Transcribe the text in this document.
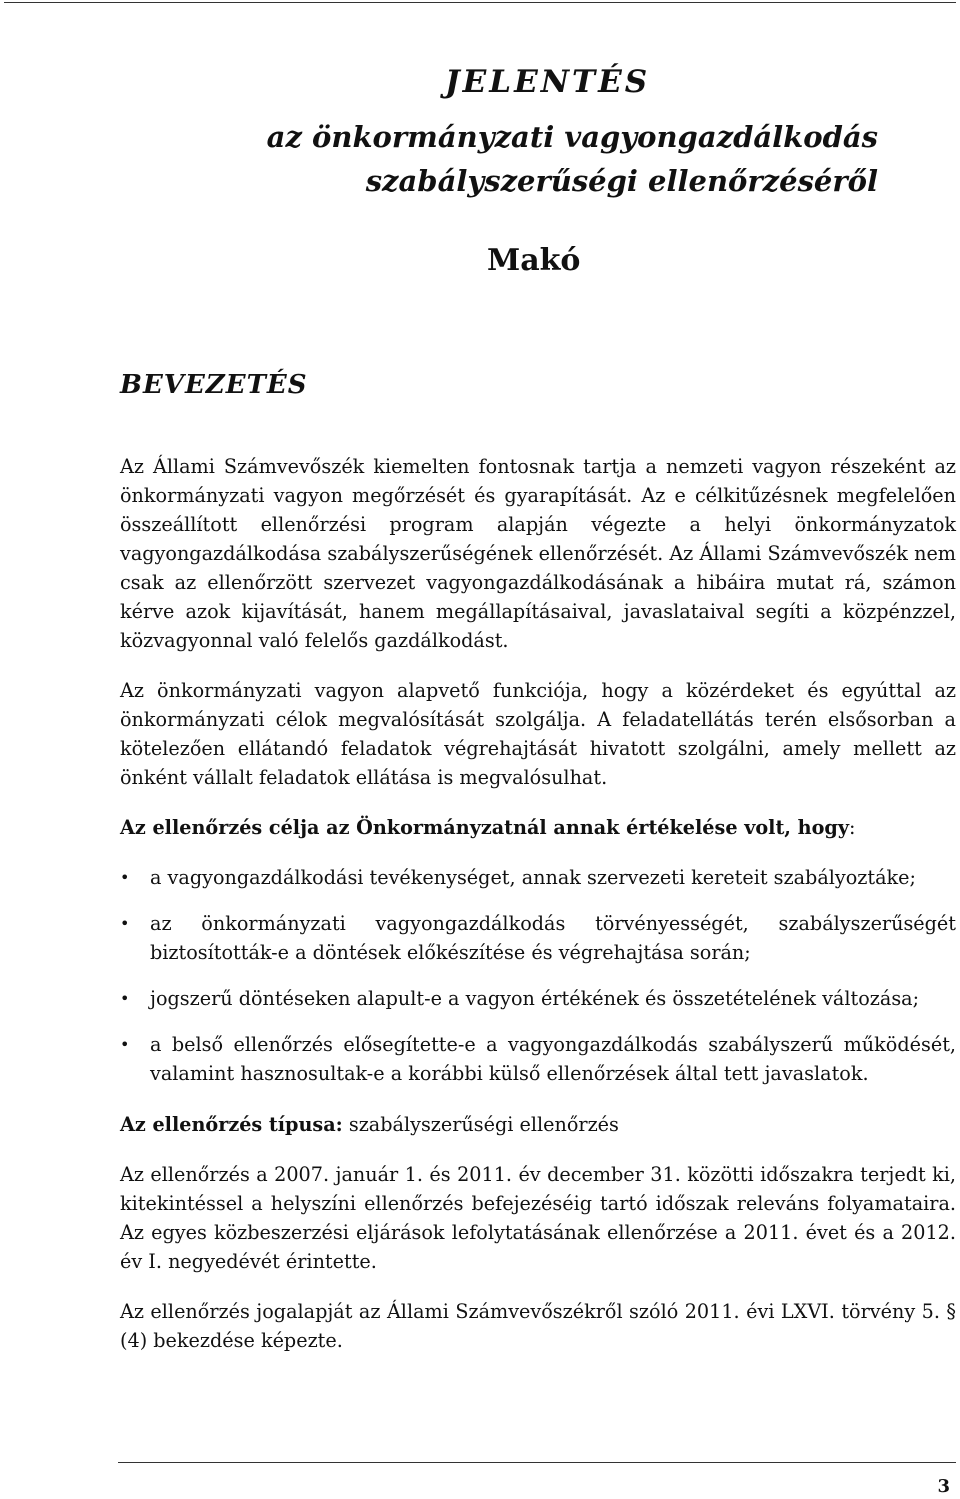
JELENTÉS
az önkormányzati vagyongazdálkodás
szabályszerűségi ellenőrzéséről
Makó
BEVEZETÉS

Az Állami Számvevőszék kiemelten fontosnak tartja a nemzeti vagyon részeként az önkormányzati vagyon megőrzését és gyarapítását. Az e célkitűzésnek megfelelően összeállított ellenőrzési program alapján végezte a helyi önkormányzatok vagyongazdálkodása szabályszerűségének ellenőrzését. Az Állami Számvevőszék nem csak az ellenőrzött szervezet vagyongazdálkodásának a hibáira mutat rá, számon kérve azok kijavítását, hanem megállapításaival, javaslataival segíti a közpénzzel, közvagyonnal való felelős gazdálkodást.

Az önkormányzati vagyon alapvető funkciója, hogy a közérdeket és egyúttal az önkormányzati célok megvalósítását szolgálja. A feladatellátás terén elsősorban a kötelezően ellátandó feladatok végrehajtását hivatott szolgálni, amely mellett az önként vállalt feladatok ellátása is megvalósulhat.

Az ellenőrzés célja az Önkormányzatnál annak értékelése volt, hogy:

• a vagyongazdálkodási tevékenységet, annak szervezeti kereteit szabályoztáke;
• az önkormányzati vagyongazdálkodás törvényességét, szabályszerűségét biztosították-e a döntések előkészítése és végrehajtása során;
• jogszerű döntéseken alapult-e a vagyon értékének és összetételének változása;
• a belső ellenőrzés elősegítette-e a vagyongazdálkodás szabályszerű működését, valamint hasznosultak-e a korábbi külső ellenőrzések által tett javaslatok.

Az ellenőrzés típusa: szabályszerűségi ellenőrzés

Az ellenőrzés a 2007. január 1. és 2011. év december 31. közötti időszakra terjedt ki, kitekintéssel a helyszíni ellenőrzés befejezéséig tartó időszak releváns folyamataira. Az egyes közbeszerzési eljárások lefolytatásának ellenőrzése a 2011. évet és a 2012. év I. negyedévét érintette.

Az ellenőrzés jogalapját az Állami Számvevőszékről szóló 2011. évi LXVI. törvény 5. § (4) bekezdése képezte.

3
